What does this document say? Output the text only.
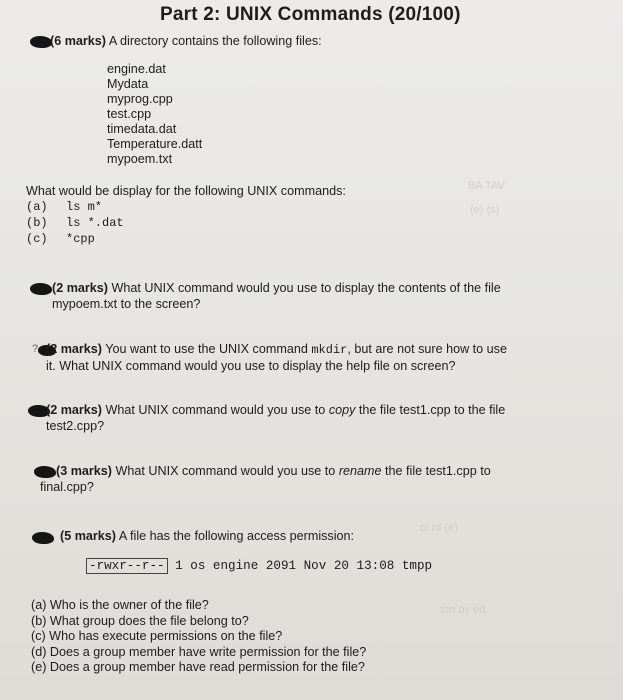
BA TAV
(e) (s)
ol rd (e)
ton ov ed
Part 2: UNIX Commands (20/100)
(6 marks) A directory contains the following files:
engine.dat
Mydata
myprog.cpp
test.cpp
timedata.dat
Temperature.datt
mypoem.txt
What would be display for the following UNIX commands:
(a) ls m*
(b) ls *.dat
(c) *cpp
(2 marks) What UNIX command would you use to display the contents of the file
mypoem.txt to the screen?
? (2 marks) You want to use the UNIX command mkdir, but are not sure how to use
it. What UNIX command would you use to display the help file on screen?
(2 marks) What UNIX command would you use to copy the file test1.cpp to the file
test2.cpp?
(3 marks) What UNIX command would you use to rename the file test1.cpp to
final.cpp?
(5 marks) A file has the following access permission:
-rwxr--r-- 1 os engine 2091 Nov 20 13:08 tmpp
(a) Who is the owner of the file?
(b) What group does the file belong to?
(c) Who has execute permissions on the file?
(d) Does a group member have write permission for the file?
(e) Does a group member have read permission for the file?
